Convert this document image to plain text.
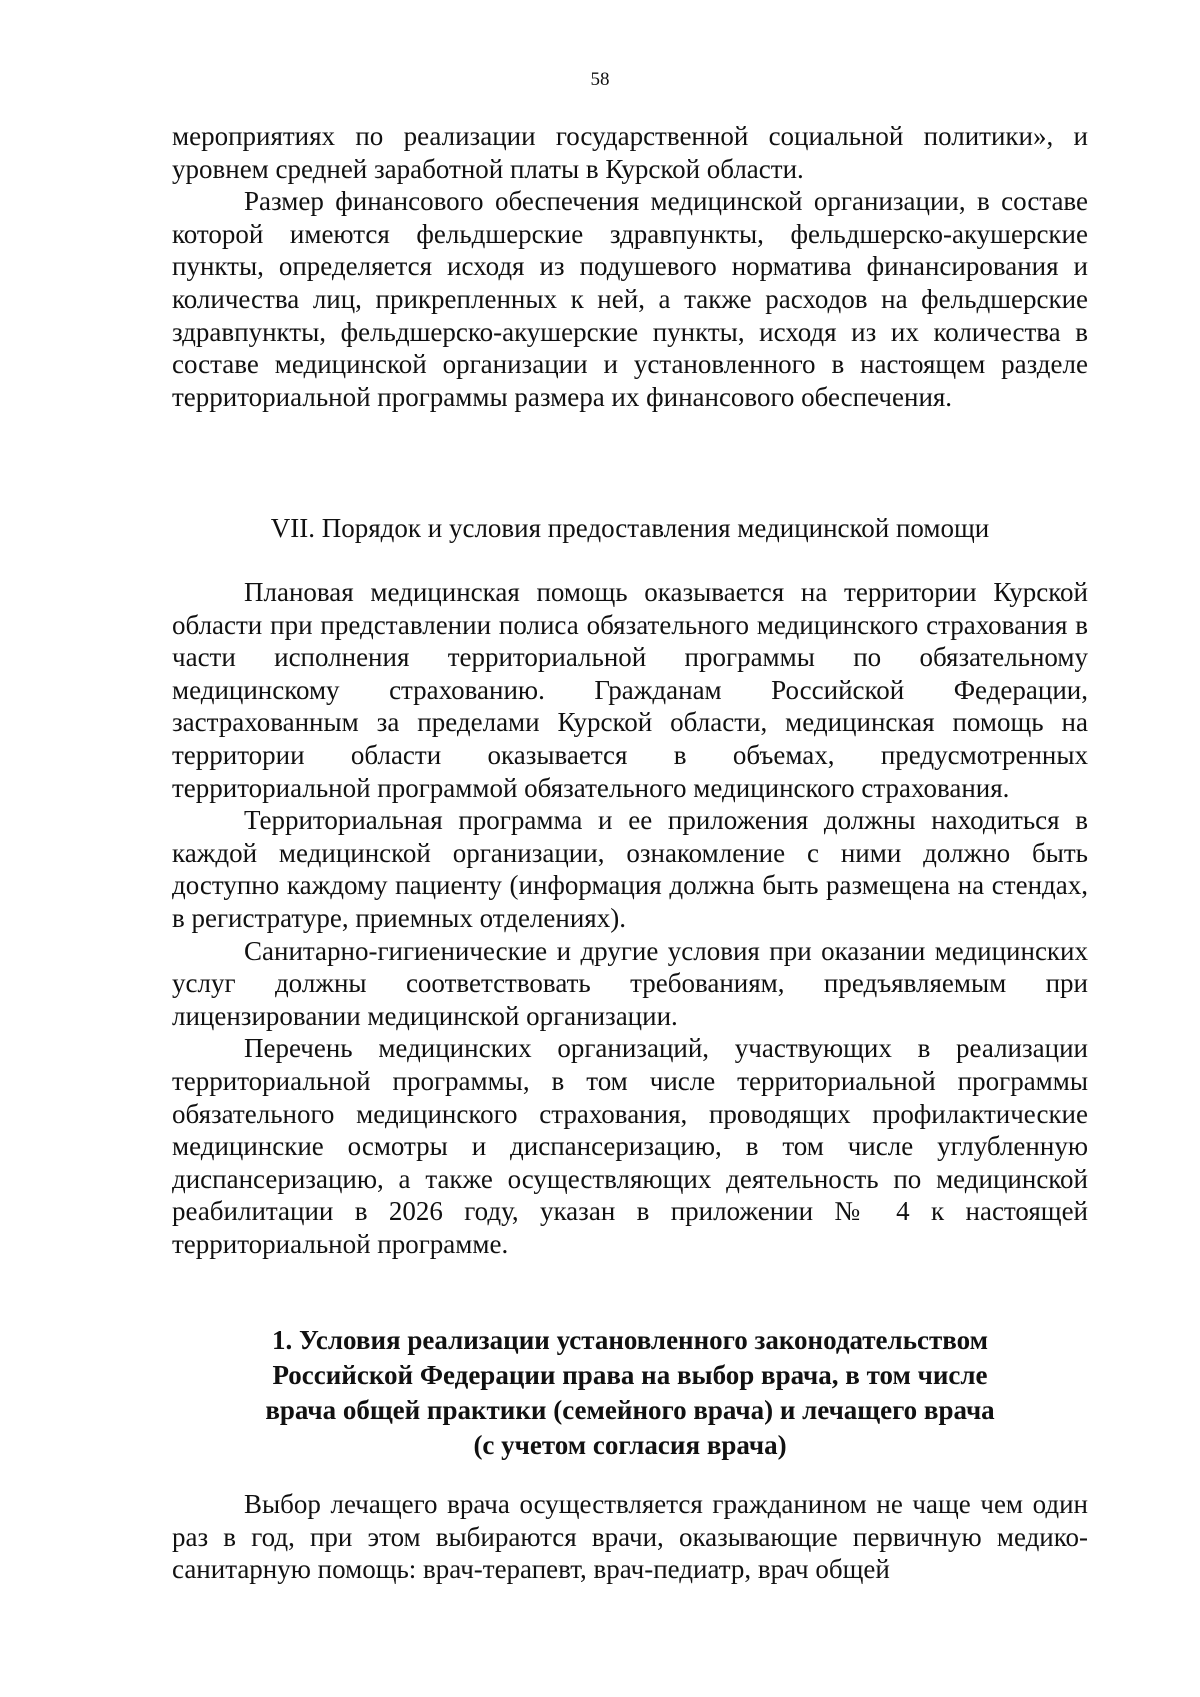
58

мероприятиях по реализации государственной социальной политики», и уровнем средней заработной платы в Курской области.

Размер финансового обеспечения медицинской организации, в составе которой имеются фельдшерские здравпункты, фельдшерско-акушерские пункты, определяется исходя из подушевого норматива финансирования и количества лиц, прикрепленных к ней, а также расходов на фельдшерские здравпункты, фельдшерско-акушерские пункты, исходя из их количества в составе медицинской организации и установленного в настоящем разделе территориальной программы размера их финансового обеспечения.

VII. Порядок и условия предоставления медицинской помощи

Плановая медицинская помощь оказывается на территории Курской области при представлении полиса обязательного медицинского страхования в части исполнения территориальной программы по обязательному медицинскому страхованию. Гражданам Российской Федерации, застрахованным за пределами Курской области, медицинская помощь на территории области оказывается в объемах, предусмотренных территориальной программой обязательного медицинского страхования.

Территориальная программа и ее приложения должны находиться в каждой медицинской организации, ознакомление с ними должно быть доступно каждому пациенту (информация должна быть размещена на стендах, в регистратуре, приемных отделениях).

Санитарно-гигиенические и другие условия при оказании медицинских услуг должны соответствовать требованиям, предъявляемым при лицензировании медицинской организации.

Перечень медицинских организаций, участвующих в реализации территориальной программы, в том числе территориальной программы обязательного медицинского страхования, проводящих профилактические медицинские осмотры и диспансеризацию, в том числе углубленную диспансеризацию, а также осуществляющих деятельность по медицинской реабилитации в 2026 году, указан в приложении № 4 к настоящей территориальной программе.

1. Условия реализации установленного законодательством
Российской Федерации права на выбор врача, в том числе
врача общей практики (семейного врача) и лечащего врача
(с учетом согласия врача)

Выбор лечащего врача осуществляется гражданином не чаще чем один раз в год, при этом выбираются врачи, оказывающие первичную медико-санитарную помощь: врач-терапевт, врач-педиатр, врач общей
